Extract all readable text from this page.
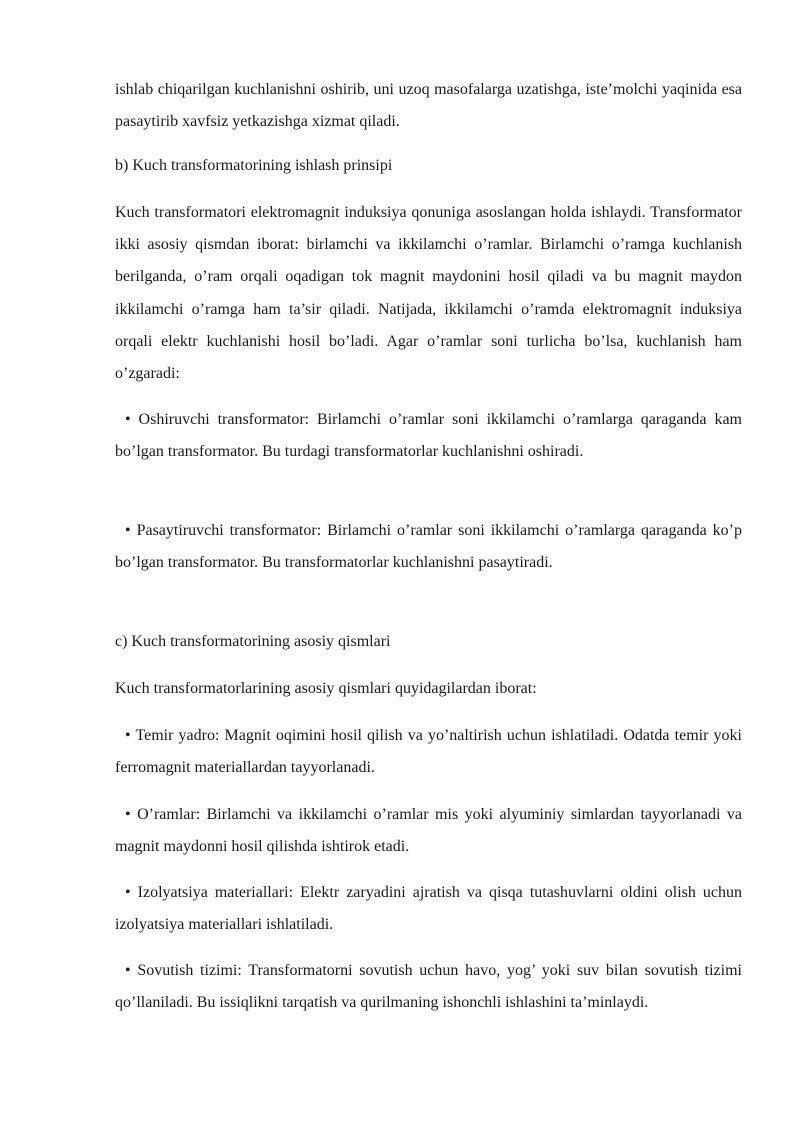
ishlab chiqarilgan kuchlanishni oshirib, uni uzoq masofalarga uzatishga, iste’molchi yaqinida esa pasaytirib xavfsiz yetkazishga xizmat qiladi.

b) Kuch transformatorining ishlash prinsipi

Kuch transformatori elektromagnit induksiya qonuniga asoslangan holda ishlaydi. Transformator ikki asosiy qismdan iborat: birlamchi va ikkilamchi o’ramlar. Birlamchi o’ramga kuchlanish berilganda, o’ram orqali oqadigan tok magnit maydonini hosil qiladi va bu magnit maydon ikkilamchi o’ramga ham ta’sir qiladi. Natijada, ikkilamchi o’ramda elektromagnit induksiya orqali elektr kuchlanishi hosil bo’ladi. Agar o’ramlar soni turlicha bo’lsa, kuchlanish ham o’zgaradi:

• Oshiruvchi transformator: Birlamchi o’ramlar soni ikkilamchi o’ramlarga qaraganda kam bo’lgan transformator. Bu turdagi transformatorlar kuchlanishni oshiradi.

• Pasaytiruvchi transformator: Birlamchi o’ramlar soni ikkilamchi o’ramlarga qaraganda ko’p bo’lgan transformator. Bu transformatorlar kuchlanishni pasaytiradi.

c) Kuch transformatorining asosiy qismlari

Kuch transformatorlarining asosiy qismlari quyidagilardan iborat:

• Temir yadro: Magnit oqimini hosil qilish va yo’naltirish uchun ishlatiladi. Odatda temir yoki ferromagnit materiallardan tayyorlanadi.

• O’ramlar: Birlamchi va ikkilamchi o’ramlar mis yoki alyuminiy simlardan tayyorlanadi va magnit maydonni hosil qilishda ishtirok etadi.

• Izolyatsiya materiallari: Elektr zaryadini ajratish va qisqa tutashuvlarni oldini olish uchun izolyatsiya materiallari ishlatiladi.

• Sovutish tizimi: Transformatorni sovutish uchun havo, yog’ yoki suv bilan sovutish tizimi qo’llaniladi. Bu issiqlikni tarqatish va qurilmaning ishonchli ishlashini ta’minlaydi.
